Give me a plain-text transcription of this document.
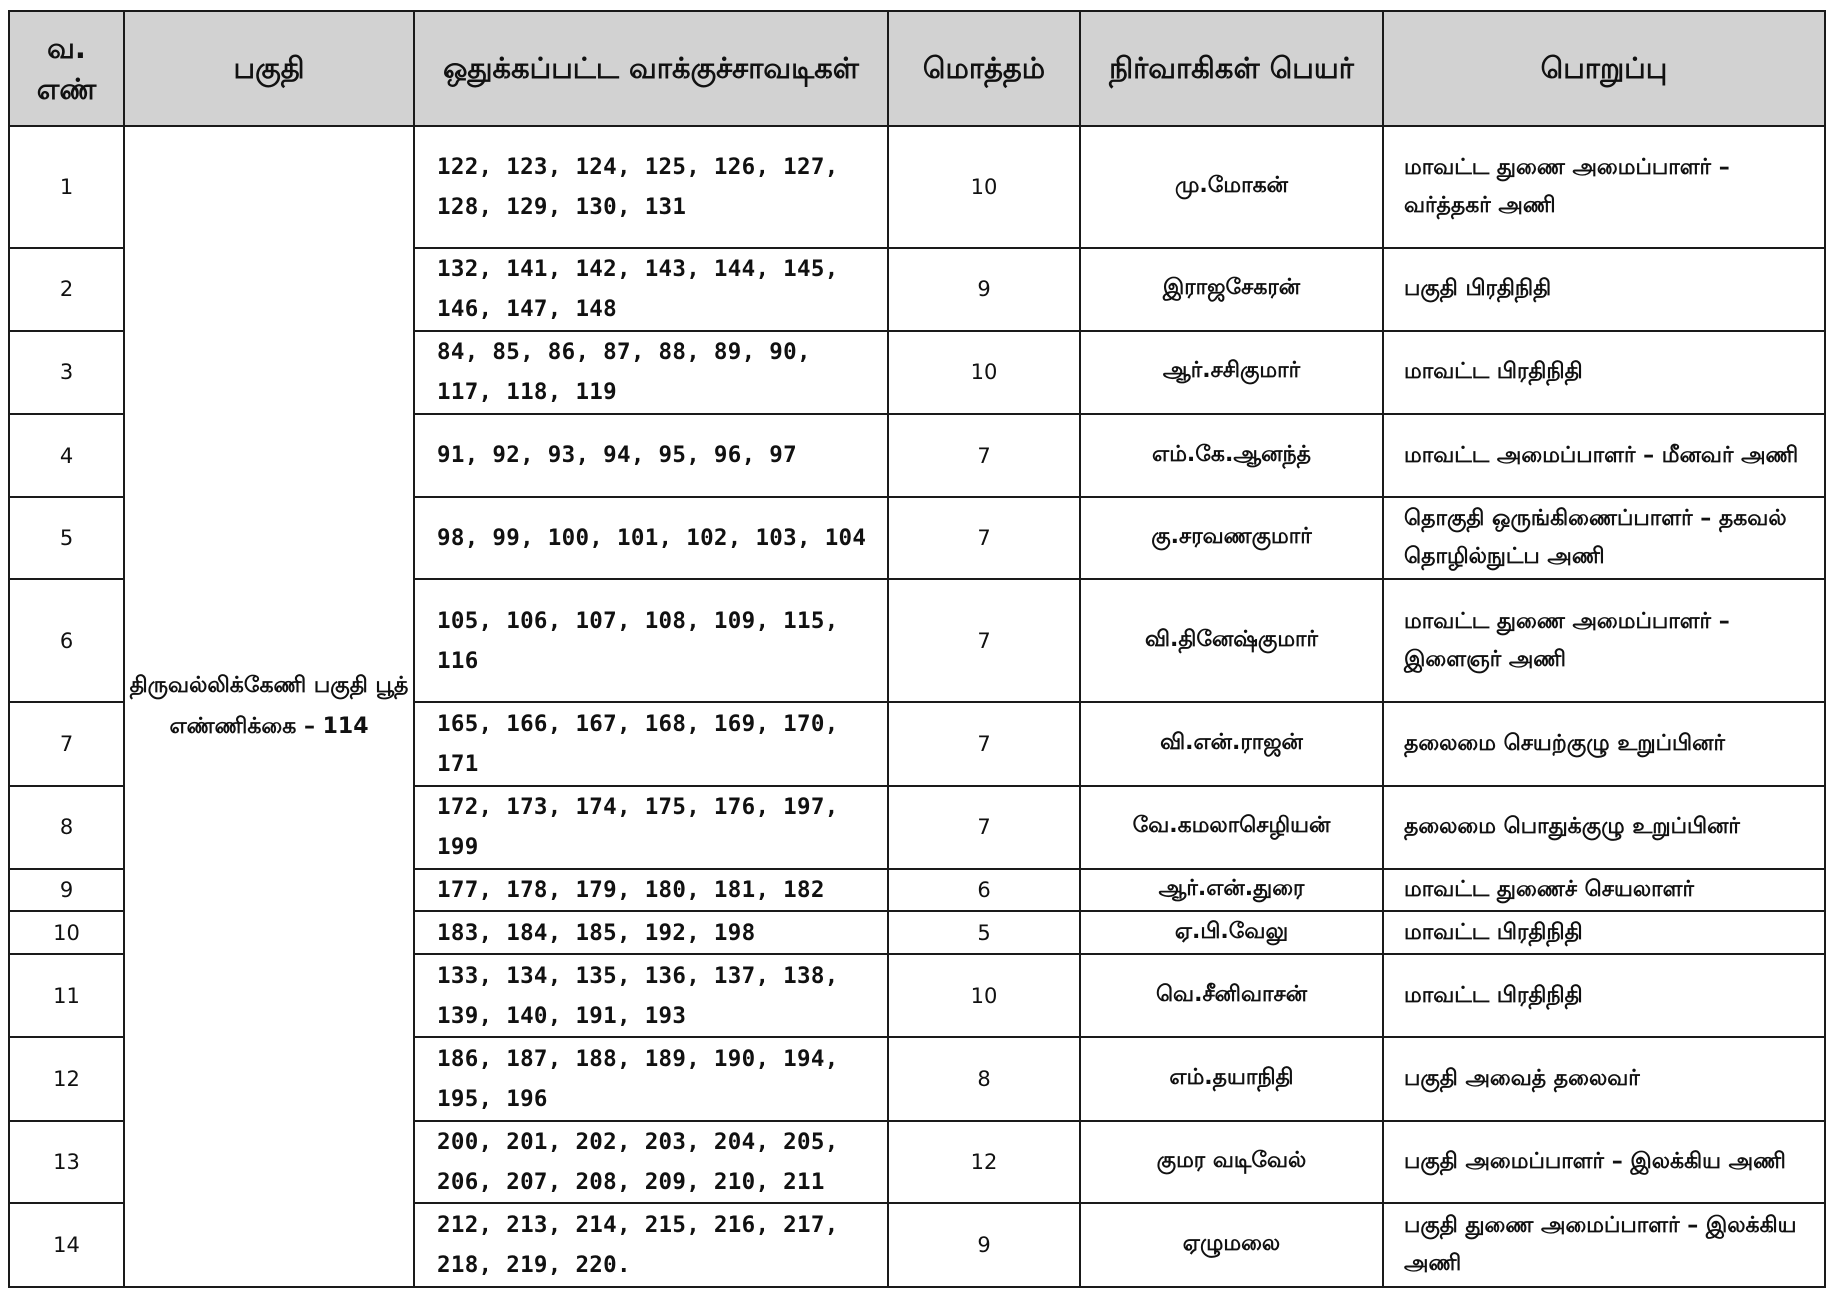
வ. எண்	பகுதி	ஒதுக்கப்பட்ட வாக்குச்சாவடிகள்	மொத்தம்	நிர்வாகிகள் பெயர்	பொறுப்பு
1	திருவல்லிக்கேணி பகுதி பூத் எண்ணிக்கை – 114	122, 123, 124, 125, 126, 127, 128, 129, 130, 131	10	மு.மோகன்	மாவட்ட துணை அமைப்பாளர் – வர்த்தகர் அணி
2		132, 141, 142, 143, 144, 145, 146, 147, 148	9	இராஜசேகரன்	பகுதி பிரதிநிதி
3		84, 85, 86, 87, 88, 89, 90, 117, 118, 119	10	ஆர்.சசிகுமார்	மாவட்ட பிரதிநிதி
4		91, 92, 93, 94, 95, 96, 97	7	எம்.கே.ஆனந்த்	மாவட்ட அமைப்பாளர் – மீனவர் அணி
5		98, 99, 100, 101, 102, 103, 104	7	கு.சரவணகுமார்	தொகுதி ஒருங்கிணைப்பாளர் – தகவல் தொழில்நுட்ப அணி
6		105, 106, 107, 108, 109, 115, 116	7	வி.தினேஷ்குமார்	மாவட்ட துணை அமைப்பாளர் – இளைஞர் அணி
7		165, 166, 167, 168, 169, 170, 171	7	வி.என்.ராஜன்	தலைமை செயற்குழு உறுப்பினர்
8		172, 173, 174, 175, 176, 197, 199	7	வே.கமலாசெழியன்	தலைமை பொதுக்குழு உறுப்பினர்
9		177, 178, 179, 180, 181, 182	6	ஆர்.என்.துரை	மாவட்ட துணைச் செயலாளர்
10		183, 184, 185, 192, 198	5	ஏ.பி.வேலு	மாவட்ட பிரதிநிதி
11		133, 134, 135, 136, 137, 138, 139, 140, 191, 193	10	வெ.சீனிவாசன்	மாவட்ட பிரதிநிதி
12		186, 187, 188, 189, 190, 194, 195, 196	8	எம்.தயாநிதி	பகுதி அவைத் தலைவர்
13		200, 201, 202, 203, 204, 205, 206, 207, 208, 209, 210, 211	12	குமர வடிவேல்	பகுதி அமைப்பாளர் – இலக்கிய அணி
14		212, 213, 214, 215, 216, 217, 218, 219, 220.	9	ஏழுமலை	பகுதி துணை அமைப்பாளர் – இலக்கிய அணி
